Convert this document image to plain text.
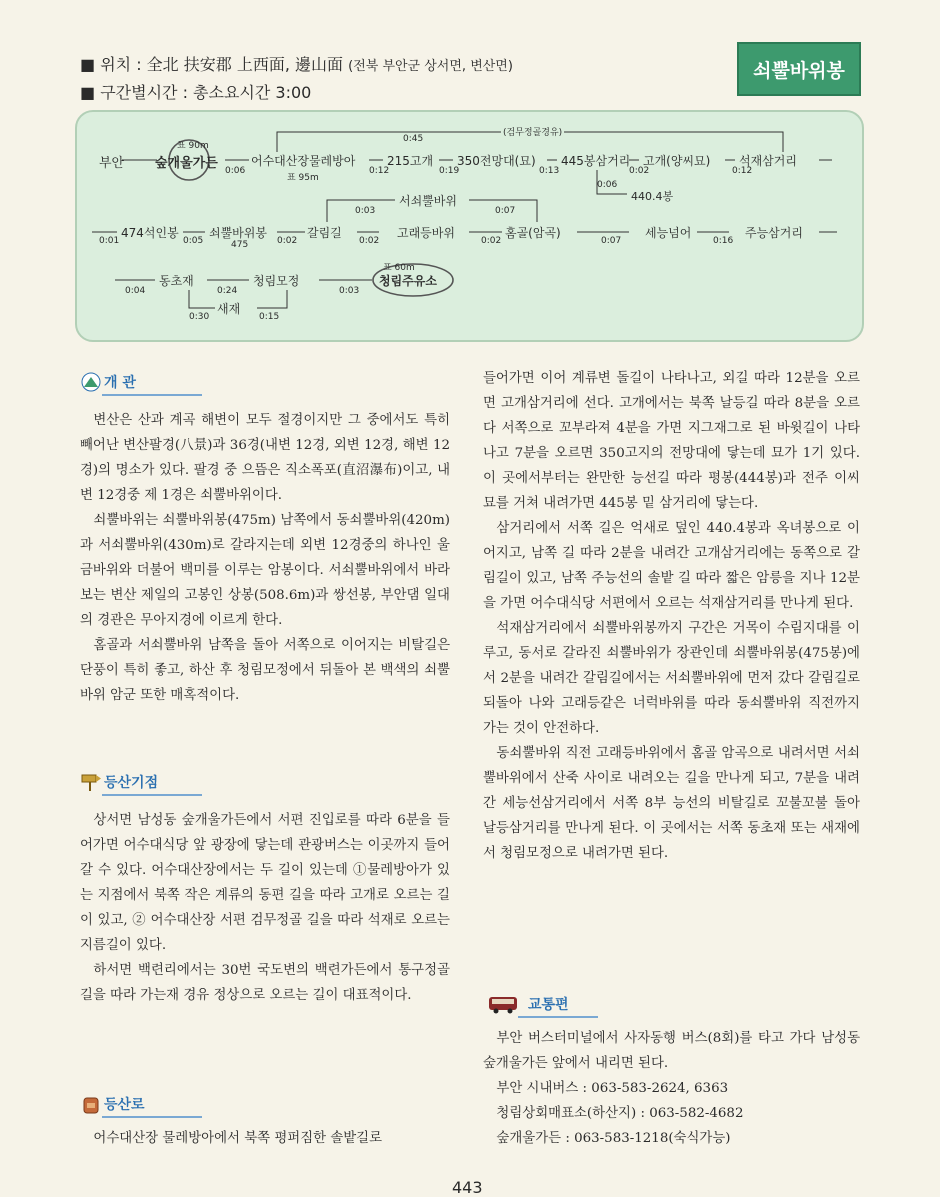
■ 위치 : 全北 扶安郡 上西面, 邊山面 (전북 부안군 상서면, 변산면)
■ 구간별시간 : 총소요시간 3:00
쇠뿔바위봉
부안
표 90m
숲개울가든	어수대산장물레방아
표 95m
215고개 350전망대(묘) 445봉삼거리 고개(양씨묘) 석재삼거리
0:06	0:12	0:19	0:13	0:02	0:12
0:45
(검무정골경유)
0:06
440.4봉
0:01
474석인봉
0:05
쇠뿔바위봉
475	0:02
갈림길
0:02
고래등바위
0:02
홈골(암곡)
0:07
세능넘어
0:16
주능삼거리
서쇠뿔바위
0:03	0:07
0:04
동초재
0:24
청림모정
0:03
표 60m
청림주유소
새재
0:30	0:15
개 관

변산은 산과 계곡 해변이 모두 절경이지만 그 중에서도 특히 빼어난 변산팔경(八景)과 36경(내변 12경, 외변 12경, 해변 12경)의 명소가 있다. 팔경 중 으뜸은 직소폭포(直沼瀑布)이고, 내변 12경중 제 1경은 쇠뿔바위이다.

쇠뿔바위는 쇠뿔바위봉(475m) 남쪽에서 동쇠뿔바위(420m)과 서쇠뿔바위(430m)로 갈라지는데 외변 12경중의 하나인 울금바위와 더불어 백미를 이루는 암봉이다. 서쇠뿔바위에서 바라보는 변산 제일의 고봉인 상봉(508.6m)과 쌍선봉, 부안댐 일대의 경관은 무아지경에 이르게 한다.

홈골과 서쇠뿔바위 남쪽을 돌아 서쪽으로 이어지는 비탈길은 단풍이 특히 좋고, 하산 후 청림모정에서 뒤돌아 본 백색의 쇠뿔바위 암군 또한 매혹적이다.

등산기점

상서면 남성동 숲개울가든에서 서편 진입로를 따라 6분을 들어가면 어수대식당 앞 광장에 닿는데 관광버스는 이곳까지 들어갈 수 있다. 어수대산장에서는 두 길이 있는데 ①물레방아가 있는 지점에서 북쪽 작은 계류의 동편 길을 따라 고개로 오르는 길이 있고, ② 어수대산장 서편 검무정골 길을 따라 석재로 오르는 지름길이 있다.

하서면 백련리에서는 30번 국도변의 백련가든에서 통구정골 길을 따라 가는재 경유 정상으로 오르는 길이 대표적이다.

등산로

어수대산장 물레방아에서 북쪽 평퍼짐한 솔밭길로

들어가면 이어 계류변 돌길이 나타나고, 외길 따라 12분을 오르면 고개삼거리에 선다. 고개에서는 북쪽 날등길 따라 8분을 오르다 서쪽으로 꼬부라져 4분을 가면 지그재그로 된 바윗길이 나타나고 7분을 오르면 350고지의 전망대에 닿는데 묘가 1기 있다. 이 곳에서부터는 완만한 능선길 따라 평봉(444봉)과 전주 이씨 묘를 거쳐 내려가면 445봉 밑 삼거리에 닿는다.

삼거리에서 서쪽 길은 억새로 덮인 440.4봉과 옥녀봉으로 이어지고, 남쪽 길 따라 2분을 내려간 고개삼거리에는 동쪽으로 갈림길이 있고, 남쪽 주능선의 솔밭 길 따라 짧은 암릉을 지나 12분을 가면 어수대식당 서편에서 오르는 석재삼거리를 만나게 된다.

석재삼거리에서 쇠뿔바위봉까지 구간은 거목이 수림지대를 이루고, 동서로 갈라진 쇠뿔바위가 장관인데 쇠뿔바위봉(475봉)에서 2분을 내려간 갈림길에서는 서쇠뿔바위에 먼저 갔다 갈림길로 되돌아 나와 고래등같은 너럭바위를 따라 동쇠뿔바위 직전까지 가는 것이 안전하다.

동쇠뿔바위 직전 고래등바위에서 홈골 암곡으로 내려서면 서쇠뿔바위에서 산죽 사이로 내려오는 길을 만나게 되고, 7분을 내려간 세능선삼거리에서 서쪽 8부 능선의 비탈길로 꼬불꼬불 돌아 날등삼거리를 만나게 된다. 이 곳에서는 서쪽 동초재 또는 새재에서 청림모정으로 내려가면 된다.

교통편

부안 버스터미널에서 사자동행 버스(8회)를 타고 가다 남성동 숲개울가든 앞에서 내리면 된다.

부안 시내버스 : 063-583-2624, 6363

청림상회매표소(하산지) : 063-582-4682

숲개울가든 : 063-583-1218(숙식가능)

443
